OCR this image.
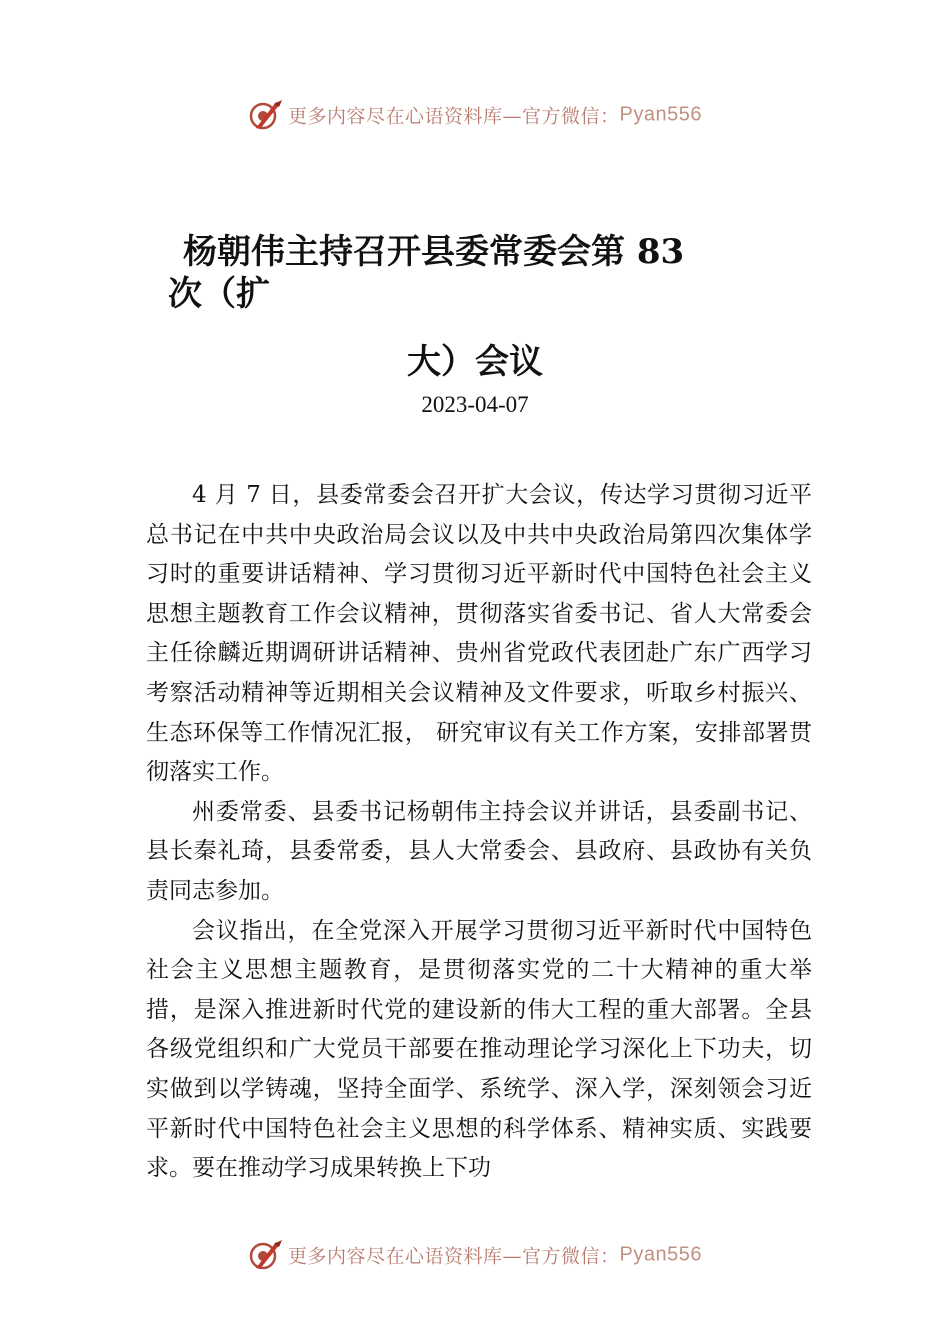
更多内容尽在心语资料库—官方微信：Pyan556
杨朝伟主持召开县委常委会第 83
次（扩
大）会议
2023-04-07

4 月 7 日，县委常委会召开扩大会议，传达学习贯彻习近平总书记在中共中央政治局会议以及中共中央政治局第四次集体学习时的重要讲话精神、学习贯彻习近平新时代中国特色社会主义思想主题教育工作会议精神，贯彻落实省委书记、省人大常委会主任徐麟近期调研讲话精神、贵州省党政代表团赴广东广西学习考察活动精神等近期相关会议精神及文件要求，听取乡村振兴、生态环保等工作情况汇报， 研究审议有关工作方案，安排部署贯彻落实工作。

州委常委、县委书记杨朝伟主持会议并讲话，县委副书记、县长秦礼琦，县委常委，县人大常委会、县政府、县政协有关负责同志参加。

会议指出，在全党深入开展学习贯彻习近平新时代中国特色社会主义思想主题教育，是贯彻落实党的二十大精神的重大举措，是深入推进新时代党的建设新的伟大工程的重大部署。全县各级党组织和广大党员干部要在推动理论学习深化上下功夫，切实做到以学铸魂，坚持全面学、系统学、深入学，深刻领会习近平新时代中国特色社会主义思想的科学体系、精神实质、实践要求。要在推动学习成果转换上下功

更多内容尽在心语资料库—官方微信：Pyan556
